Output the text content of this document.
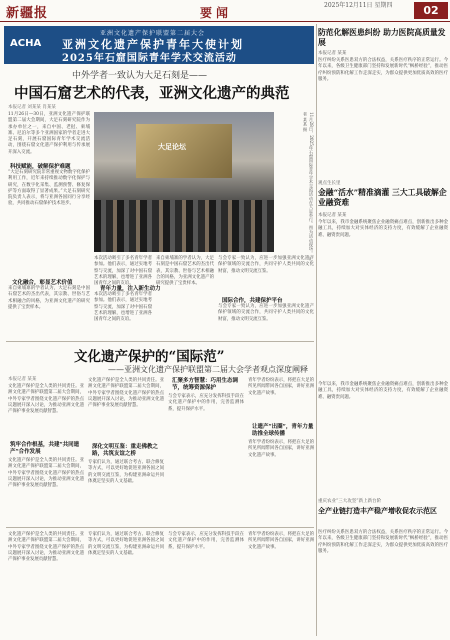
新疆报	要闻
2025年12月11日 星期四	02
ACHA
亚洲文化遗产保护联盟第二届大会
亚洲文化遗产保护青年大使计划
2025年石窟国际青年学术交流活动
中外学者一致认为大足石刻是——
中国石窟艺术的代表，亚洲文化遗产的典范
本报记者 刘某某 肖某某
11月26日—30日，亚洲文化遗产保护联盟第二届大会期间，大足石刻研究院作为承办单位之一，来自中国、老挝、柬埔寨、尼泊尔等多个亚洲国家的学者走进大足石刻，开展石窟国际青年学术交流活动，围绕石窟文化遗产保护利用与传承展开深入交流。
科技赋能，破解保护难题
“大足石刻研究院非常重视文物数字化保护利用工作，近年来持续推动数字化保护与研究，在数字化采集、监测预警、修复保护等方面取得了显著成果。”大足石刻研究院负责人表示，将与亚洲各国同行分享经验，共同推动石窟保护技术进步。
文化融合，彰显艺术价值
来自柬埔寨的学者认为，大足石刻是中国石窟艺术的杰出代表，其宗教、世俗与艺术相融合的风格，为亚洲文化遗产的研究提供了宝贵样本。
大足论坛	11月28日，2025年石窟国际青年学术交流活动在大足举行。图为活动现场。 记者 某某 摄
本次活动吸引了多名青年学者参加。他们表示，通过实地考察与交流，加深了对中国石窟艺术的理解，也增进了亚洲各国青年之间的友谊。
青年力量，注入新生动力
本次活动吸引了多名青年学者参加。他们表示，通过实地考察与交流，加深了对中国石窟艺术的理解，也增进了亚洲各国青年之间的友谊。
来自柬埔寨的学者认为，大足石刻是中国石窟艺术的杰出代表，其宗教、世俗与艺术相融合的风格，为亚洲文化遗产的研究提供了宝贵样本。
国际合作，共建保护平台
与会专家一致认为，应进一步加强亚洲文化遗产保护领域的交流合作，共同守护人类共同的文化财富，推动文明交流互鉴。
与会专家一致认为，应进一步加强亚洲文化遗产保护领域的交流合作，共同守护人类共同的文化财富，推动文明交流互鉴。
文化遗产保护的“国际范”
——亚洲文化遗产保护联盟第二届大会学者观点深度阐释
本报记者 某某
文化遗产保护是全人类的共同责任。亚洲文化遗产保护联盟第二届大会期间，中外专家学者围绕文化遗产保护的热点议题展开深入讨论，为推动亚洲文化遗产保护事业发展贡献智慧。
筑牢合作根基，共建“共同遗产”合作发展
文化遗产保护是全人类的共同责任。亚洲文化遗产保护联盟第二届大会期间，中外专家学者围绕文化遗产保护的热点议题展开深入讨论，为推动亚洲文化遗产保护事业发展贡献智慧。
文化遗产保护是全人类的共同责任。亚洲文化遗产保护联盟第二届大会期间，中外专家学者围绕文化遗产保护的热点议题展开深入讨论，为推动亚洲文化遗产保护事业发展贡献智慧。
深化文明互鉴：重走佛教之路，共筑友谊之桥
专家们认为，通过联合考古、联合修复等方式，可以更好地促进亚洲各国之间的文明交流互鉴，为构建亚洲命运共同体奠定坚实的人文基础。
汇聚多方智慧：巧用生态调节，统筹资源保护
与会专家表示，应充分发挥科技手段在文化遗产保护中的作用，完善监测体系，提升保护水平。
让遗产“出圈”，青年力量助推全球传播
青年学者纷纷表示，将把在大足的所见所闻带回各自国家，讲好亚洲文化遗产故事。
青年学者纷纷表示，将把在大足的所见所闻带回各自国家，讲好亚洲文化遗产故事。
文化遗产保护是全人类的共同责任。亚洲文化遗产保护联盟第二届大会期间，中外专家学者围绕文化遗产保护的热点议题展开深入讨论，为推动亚洲文化遗产保护事业发展贡献智慧。
专家们认为，通过联合考古、联合修复等方式，可以更好地促进亚洲各国之间的文明交流互鉴，为构建亚洲命运共同体奠定坚实的人文基础。
与会专家表示，应充分发挥科技手段在文化遗产保护中的作用，完善监测体系，提升保护水平。
青年学者纷纷表示，将把在大足的所见所闻带回各自国家，讲好亚洲文化遗产故事。
防范化解医患纠纷 助力医院高质量发展
本报记者 某某
医疗纠纷关系医患双方的合法权益，关系医疗秩序的正常运行。今年以来，各级卫生健康部门坚持和发展新时代“枫桥经验”，推动医疗纠纷预防和化解工作走深走实，为群众提供更加优质高效的医疗服务。
观点生长里
金融“活水”精准滴灌 三大工具破解企业融资难
本报记者 某某
今年以来，我市金融系统聚焦企业融资痛点难点，创新推出多种金融工具，持续加大对实体经济的支持力度，有效缓解了企业融资难、融资贵问题。
今年以来，我市金融系统聚焦企业融资痛点难点，创新推出多种金融工具，持续加大对实体经济的支持力度，有效缓解了企业融资难、融资贵问题。
重庆农业“三大攻坚”新上新台阶
全产业链打造丰产稳产增收促农示范区
医疗纠纷关系医患双方的合法权益，关系医疗秩序的正常运行。今年以来，各级卫生健康部门坚持和发展新时代“枫桥经验”，推动医疗纠纷预防和化解工作走深走实，为群众提供更加优质高效的医疗服务。
